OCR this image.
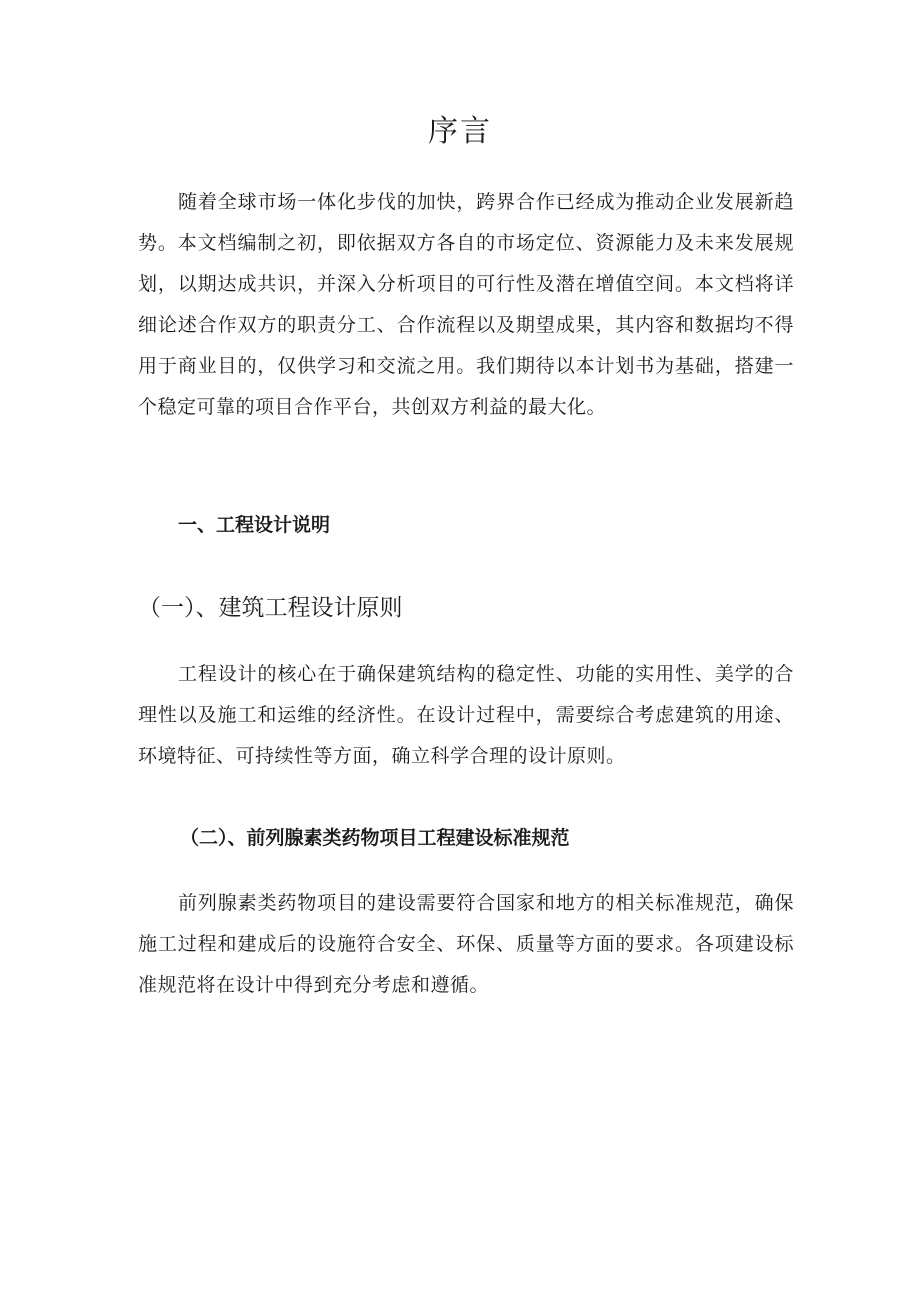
序言

随着全球市场一体化步伐的加快，跨界合作已经成为推动企业发展新趋势。本文档编制之初，即依据双方各自的市场定位、资源能力及未来发展规划，以期达成共识，并深入分析项目的可行性及潜在增值空间。本文档将详细论述合作双方的职责分工、合作流程以及期望成果，其内容和数据均不得用于商业目的，仅供学习和交流之用。我们期待以本计划书为基础，搭建一个稳定可靠的项目合作平台，共创双方利益的最大化。

一、工程设计说明
（一）、建筑工程设计原则

工程设计的核心在于确保建筑结构的稳定性、功能的实用性、美学的合理性以及施工和运维的经济性。在设计过程中，需要综合考虑建筑的用途、环境特征、可持续性等方面，确立科学合理的设计原则。

（二）、前列腺素类药物项目工程建设标准规范

前列腺素类药物项目的建设需要符合国家和地方的相关标准规范，确保施工过程和建成后的设施符合安全、环保、质量等方面的要求。各项建设标准规范将在设计中得到充分考虑和遵循。
